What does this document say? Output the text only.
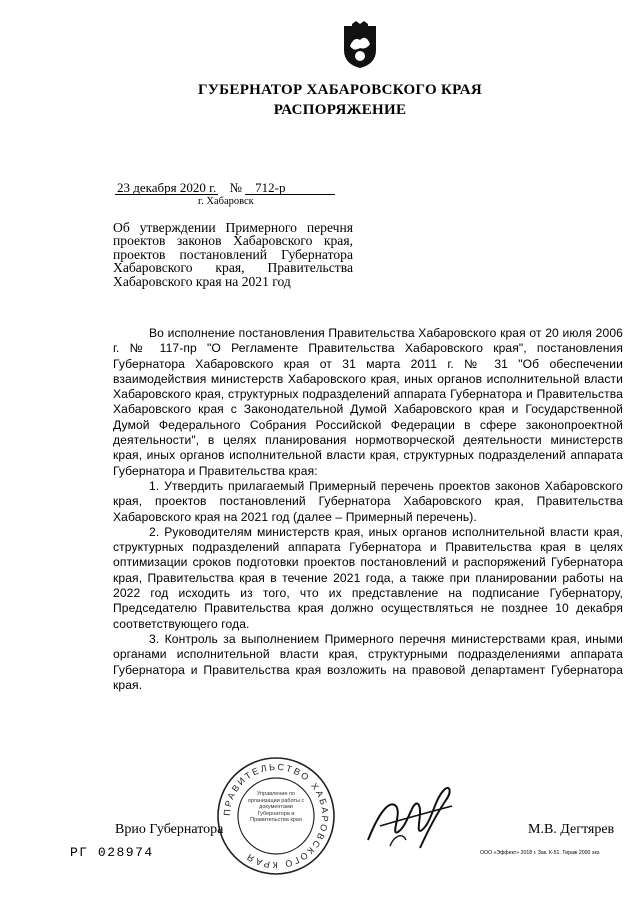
ГУБЕРНАТОР ХАБАРОВСКОГО КРАЯ
РАСПОРЯЖЕНИЕ
23 декабря 2020 г. № 712-р
г. Хабаровск
Об утверждении Примерного перечня проектов законов Хабаровского края, проектов постановлений Губернатора Хабаровского края, Правительства Хабаровского края на 2021 год

Во исполнение постановления Правительства Хабаровского края от 20 июля 2006 г. № 117-пр "О Регламенте Правительства Хабаровского края", постановления Губернатора Хабаровского края от 31 марта 2011 г. № 31 "Об обеспечении взаимодействия министерств Хабаровского края, иных органов исполнительной власти Хабаровского края, структурных подразделений аппарата Губернатора и Правительства Хабаровского края с Законодательной Думой Хабаровского края и Государственной Думой Федерального Собрания Российской Федерации в сфере законопроектной деятельности", в целях планирования нормотворческой деятельности министерств края, иных органов исполнительной власти края, структурных подразделений аппарата Губернатора и Правительства края:

1. Утвердить прилагаемый Примерный перечень проектов законов Хабаровского края, проектов постановлений Губернатора Хабаровского края, Правительства Хабаровского края на 2021 год (далее – Примерный перечень).

2. Руководителям министерств края, иных органов исполнительной власти края, структурных подразделений аппарата Губернатора и Правительства края в целях оптимизации сроков подготовки проектов постановлений и распоряжений Губернатора края, Правительства края в течение 2021 года, а также при планировании работы на 2022 год исходить из того, что их представление на подписание Губернатору, Председателю Правительства края должно осуществляться не позднее 10 декабря соответствующего года.

3. Контроль за выполнением Примерного перечня министерствами края, иными органами исполнительной власти края, структурными подразделениями аппарата Губернатора и Правительства края возложить на правовой департамент Губернатора края.

ПРАВИТЕЛЬСТВО ХАБАРОВСКОГО КРАЯ
Управление по организации работы с документами Губернатора и Правительства края
Врио Губернатора	М.В. Дегтярев
РГ 028974	ООО «Эффект» 2018 г. Зак. К-51. Тираж 2000 экз.
